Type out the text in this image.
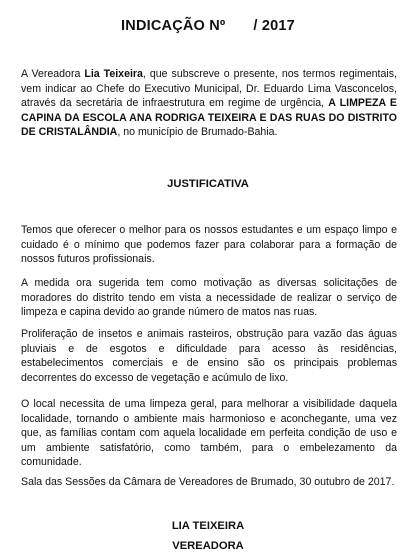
INDICAÇÃO Nº / 2017
A Vereadora Lia Teixeira, que subscreve o presente, nos termos regimentais, vem indicar ao Chefe do Executivo Municipal, Dr. Eduardo Lima Vasconcelos, através da secretária de infraestrutura em regime de urgência, A LIMPEZA E CAPINA DA ESCOLA ANA RODRIGA TEIXEIRA E DAS RUAS DO DISTRITO DE CRISTALÂNDIA, no município de Brumado-Bahia.
JUSTIFICATIVA
Temos que oferecer o melhor para os nossos estudantes e um espaço limpo e cuidado é o mínimo que podemos fazer para colaborar para a formação de nossos futuros profissionais.
A medida ora sugerida tem como motivação as diversas solicitações de moradores do distrito tendo em vista a necessidade de realizar o serviço de limpeza e capina devido ao grande número de matos nas ruas.
Proliferação de insetos e animais rasteiros, obstrução para vazão das águas pluviais e de esgotos e dificuldade para acesso às residências, estabelecimentos comerciais e de ensino são os principais problemas decorrentes do excesso de vegetação e acúmulo de lixo.
O local necessita de uma limpeza geral, para melhorar a visibilidade daquela localidade, tornando o ambiente mais harmonioso e aconchegante, uma vez que, as famílias contam com aquela localidade em perfeita condição de uso e um ambiente satisfatório, como também, para o embelezamento da comunidade.
Sala das Sessões da Câmara de Vereadores de Brumado, 30 outubro de 2017.
LIA TEIXEIRA
VEREADORA
